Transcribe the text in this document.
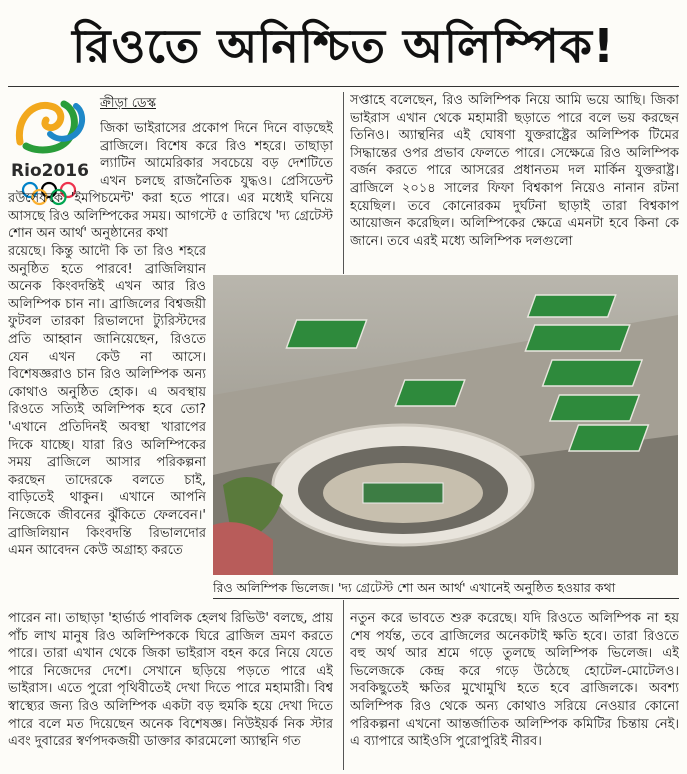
রিওতে অনিশ্চিত অলিম্পিক!
Rio2016
ক্রীড়া ডেস্ক
জিকা ভাইরাসের প্রকোপ দিনে দিনে বাড়ছেই ব্রাজিলে। বিশেষ করে রিও শহরে। তাছাড়া ল্যাটিন আমেরিকার সবচেয়ে বড় দেশটিতে এখন চলছে রাজনৈতিক যুদ্ধও। প্রেসিডেন্ট
রউসেফকে 'ইমপিচমেন্ট' করা হতে পারে। এর মধ্যেই ঘনিয়ে আসছে রিও অলিম্পিকের সময়। আগস্টে ৫ তারিখে 'দ্য গ্রেটেস্ট শোন অন আর্থ' অনুষ্ঠানের কথা
রয়েছে। কিন্তু আদৌ কি তা রিও শহরে অনুষ্ঠিত হতে পারবে! ব্রাজিলিয়ান অনেক কিংবদন্তিই এখন আর রিও অলিম্পিক চান না। ব্রাজিলের বিশ্বজয়ী ফুটবল তারকা রিভালদো ট্যুরিস্টদের প্রতি আহ্বান জানিয়েছেন, রিওতে যেন এখন কেউ না আসে। বিশেষজ্ঞরাও চান রিও অলিম্পিক অন্য কোথাও অনুষ্ঠিত হোক। এ অবস্থায় রিওতে সত্যিই অলিম্পিক হবে তো? 'এখানে প্রতিদিনই অবস্থা খারাপের দিকে যাচ্ছে। যারা রিও অলিম্পিকের সময় ব্রাজিলে আসার পরিকল্পনা করছেন তাদেরকে বলতে চাই, বাড়িতেই থাকুন। এখানে আপনি নিজেকে জীবনের ঝুঁকিতে ফেলবেন।' ব্রাজিলিয়ান কিংবদন্তি রিভালদোর এমন আবেদন কেউ অগ্রাহ্য করতে
পারেন না। তাছাড়া 'হার্ভার্ড পাবলিক হেলথ রিভিউ' বলছে, প্রায় পাঁচ লাখ মানুষ রিও অলিম্পিককে ঘিরে ব্রাজিল ভ্রমণ করতে পারে। তারা এখান থেকে জিকা ভাইরাস বহন করে নিয়ে যেতে পারে নিজেদের দেশে। সেখানে ছড়িয়ে পড়তে পারে এই ভাইরাস। এতে পুরো পৃথিবীতেই দেখা দিতে পারে মহামারী। বিশ্ব স্বাস্থ্যের জন্য রিও অলিম্পিক একটা বড় হুমকি হয়ে দেখা দিতে পারে বলে মত দিয়েছেন অনেক বিশেষজ্ঞ। নিউইয়র্ক নিক স্টার এবং দুবারের স্বর্ণপদকজয়ী ডাক্তার কারমেলো অ্যান্থনি গত
সপ্তাহে বলেছেন, রিও অলিম্পিক নিয়ে আমি ভয়ে আছি। জিকা ভাইরাস এখান থেকে মহামারী ছড়াতে পারে বলে ভয় করছেন তিনিও। অ্যান্থনির এই ঘোষণা যুক্তরাষ্ট্রের অলিম্পিক টিমের সিদ্ধান্তের ওপর প্রভাব ফেলতে পারে। সেক্ষেত্রে রিও অলিম্পিক বর্জন করতে পারে আসরের প্রধানতম দল মার্কিন যুক্তরাষ্ট্র। ব্রাজিলে ২০১৪ সালের ফিফা বিশ্বকাপ নিয়েও নানান রটনা হয়েছিল। তবে কোনোরকম দুর্ঘটনা ছাড়াই তারা বিশ্বকাপ আয়োজন করেছিল। অলিম্পিকের ক্ষেত্রে এমনটা হবে কিনা কে জানে। তবে এরই মধ্যে অলিম্পিক দলগুলো
রিও অলিম্পিক ভিলেজ। 'দ্য গ্রেটেস্ট শো অন আর্থ' এখানেই অনুষ্ঠিত হওয়ার কথা
নতুন করে ভাবতে শুরু করেছে। যদি রিওতে অলিম্পিক না হয় শেষ পর্যন্ত, তবে ব্রাজিলের অনেকটাই ক্ষতি হবে। তারা রিওতে বহু অর্থ আর শ্রমে গড়ে তুলছে অলিম্পিক ভিলেজ। এই ভিলেজকে কেন্দ্র করে গড়ে উঠেছে হোটেল-মোটেলও। সবকিছুতেই ক্ষতির মুখোমুখি হতে হবে ব্রাজিলকে। অবশ্য অলিম্পিক রিও থেকে অন্য কোথাও সরিয়ে নেওয়ার কোনো পরিকল্পনা এখনো আন্তর্জাতিক অলিম্পিক কমিটির চিন্তায় নেই। এ ব্যাপারে আইওসি পুরোপুরিই নীরব।
